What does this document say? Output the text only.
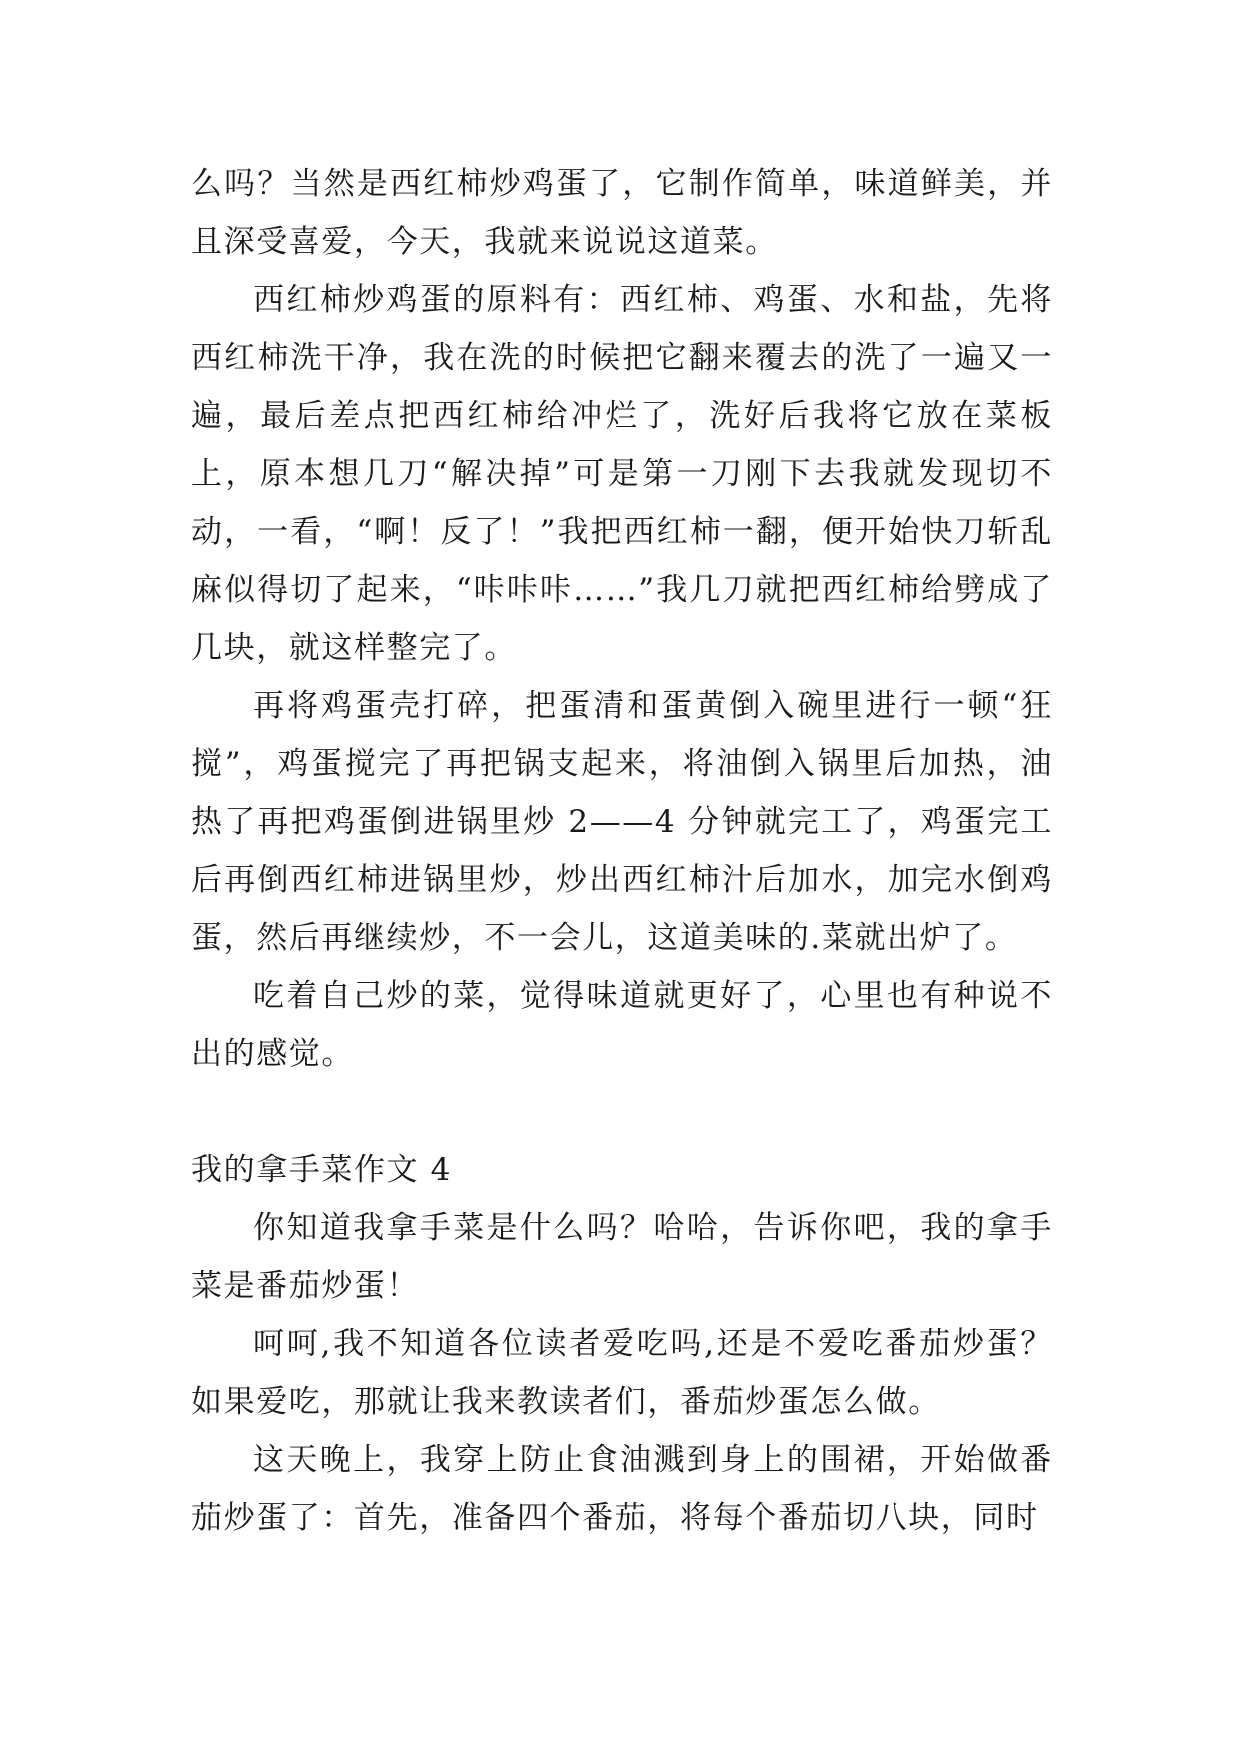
么吗？当然是西红柿炒鸡蛋了，它制作简单，味道鲜美，并且深受喜爱，今天，我就来说说这道菜。

西红柿炒鸡蛋的原料有：西红柿、鸡蛋、水和盐，先将西红柿洗干净，我在洗的时候把它翻来覆去的洗了一遍又一遍，最后差点把西红柿给冲烂了，洗好后我将它放在菜板上，原本想几刀“解决掉”可是第一刀刚下去我就发现切不动，一看，“啊！反了！”我把西红柿一翻，便开始快刀斩乱麻似得切了起来，“咔咔咔……”我几刀就把西红柿给劈成了几块，就这样整完了。

再将鸡蛋壳打碎，把蛋清和蛋黄倒入碗里进行一顿“狂搅”，鸡蛋搅完了再把锅支起来，将油倒入锅里后加热，油热了再把鸡蛋倒进锅里炒 2——4 分钟就完工了，鸡蛋完工后再倒西红柿进锅里炒，炒出西红柿汁后加水，加完水倒鸡蛋，然后再继续炒，不一会儿，这道美味的.菜就出炉了。

吃着自己炒的菜，觉得味道就更好了，心里也有种说不出的感觉。

我的拿手菜作文 4

你知道我拿手菜是什么吗？哈哈，告诉你吧，我的拿手菜是番茄炒蛋！

呵呵,我不知道各位读者爱吃吗,还是不爱吃番茄炒蛋？如果爱吃，那就让我来教读者们，番茄炒蛋怎么做。

这天晚上，我穿上防止食油溅到身上的围裙，开始做番茄炒蛋了：首先，准备四个番茄，将每个番茄切八块，同时
